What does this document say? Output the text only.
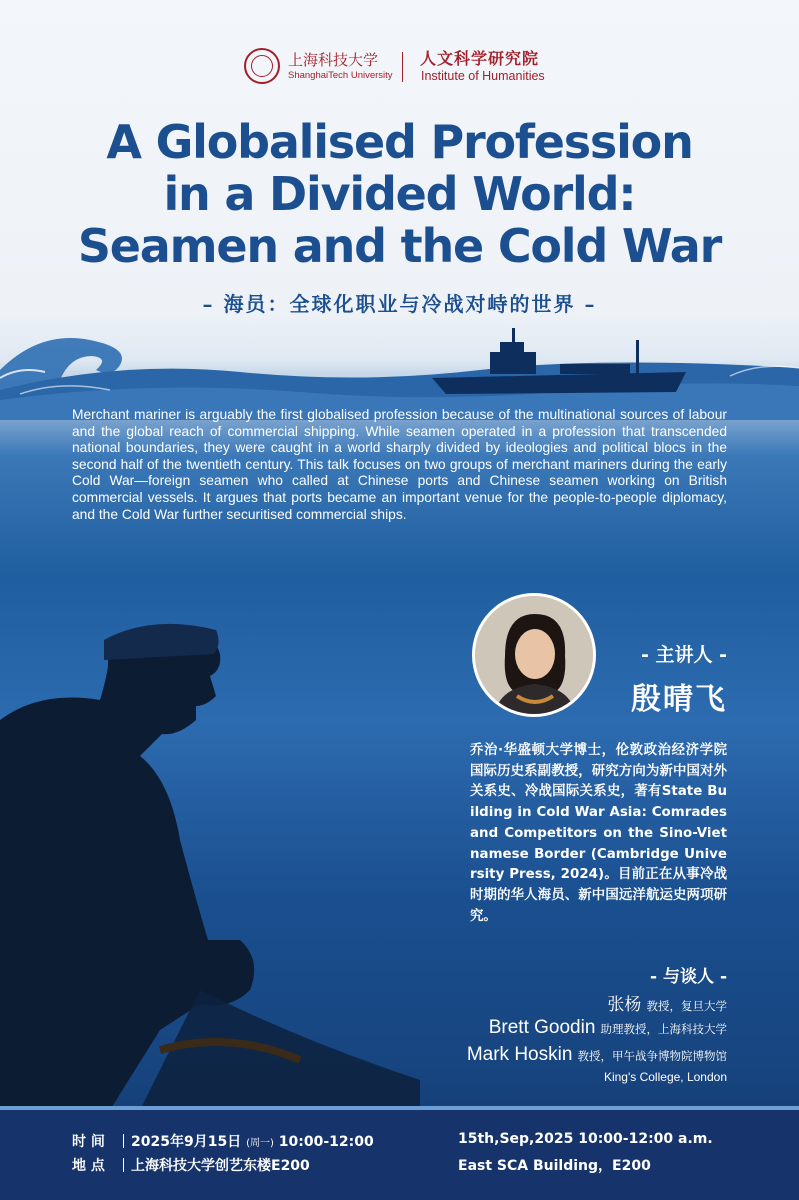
上海科技大学
ShanghaiTech University
人文科学研究院
Institute of Humanities
A Globalised Profession
in a Divided World:
Seamen and the Cold War
– 海员：全球化职业与冷战对峙的世界 –
Merchant mariner is arguably the first globalised profession because of the multinational sources of labour and the global reach of commercial shipping. While seamen operated in a profession that transcended national boundaries, they were caught in a world sharply divided by ideologies and political blocs in the second half of the twentieth century. This talk focuses on two groups of merchant mariners during the early Cold War—foreign seamen who called at Chinese ports and Chinese seamen working on British commercial vessels. It argues that ports became an important venue for the people-to-people diplomacy, and the Cold War further securitised commercial ships.
- 主讲人 -
殷晴飞
乔治·华盛顿大学博士，伦敦政治经济学院国际历史系副教授，研究方向为新中国对外关系史、冷战国际关系史，著有State Building in Cold War Asia: Comrades and Competitors on the Sino-Vietnamese Border (Cambridge University Press, 2024)。目前正在从事冷战时期的华人海员、新中国远洋航运史两项研究。
- 与谈人 -
张杨 教授，复旦大学
Brett Goodin 助理教授，上海科技大学
Mark Hoskin 教授，甲午战争博物院博物馆
King's College, London
时 间 2025年9月15日 (周一) 10:00-12:00
地 点 上海科技大学创艺东楼E200
15th,Sep,2025 10:00-12:00 a.m.
East SCA Building，E200
